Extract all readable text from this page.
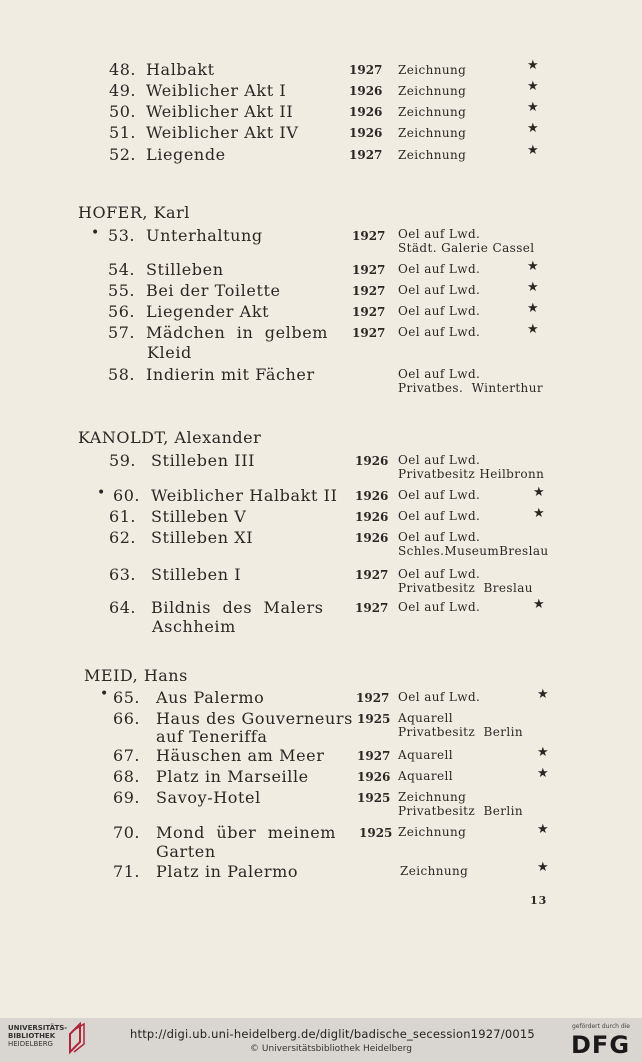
48. Halbakt	1927 Zeichnung	★
49. Weiblicher Akt I	1926 Zeichnung	★
50. Weiblicher Akt II	1926 Zeichnung	★
51. Weiblicher Akt IV	1926 Zeichnung	★
52. Liegende	1927 Zeichnung	★
HOFER, Karl
• 53. Unterhaltung	1927 Oel auf Lwd.
Städt. Galerie Cassel
54. Stilleben	1927 Oel auf Lwd.	★
55. Bei der Toilette	1927 Oel auf Lwd.	★
56. Liegender Akt	1927 Oel auf Lwd.	★
57. Mädchen  in  gelbem
Kleid
1927 Oel auf Lwd.	★
58. Indierin mit Fächer	Oel auf Lwd.
Privatbes.  Winterthur
KANOLDT, Alexander
59. Stilleben III	1926 Oel auf Lwd.
Privatbesitz Heilbronn
• 60. Weiblicher Halbakt II 1926 Oel auf Lwd.	★
61. Stilleben V	1926 Oel auf Lwd.	★
62. Stilleben XI	1926 Oel auf Lwd.
Schles.MuseumBreslau
63. Stilleben I	1927 Oel auf Lwd.
Privatbesitz  Breslau
64. Bildnis  des  Malers
Aschheim
1927 Oel auf Lwd.	★
MEID, Hans
• 65. Aus Palermo	1927 Oel auf Lwd.	★
66. Haus des Gouverneurs
auf Teneriffa
1925 Aquarell
Privatbesitz  Berlin
67. Häuschen am Meer	1927 Aquarell	★
68. Platz in Marseille	1926 Aquarell	★
69. Savoy-Hotel	1925 Zeichnung
Privatbesitz  Berlin
70. Mond  über  meinem
Garten
1925 Zeichnung	★
71. Platz in Palermo	Zeichnung	★
13
UNIVERSITÄTS-
BIBLIOTHEK
HEIDELBERG
http://digi.ub.uni-heidelberg.de/diglit/badische_secession1927/0015
© Universitätsbibliothek Heidelberg
gefördert durch die
DFG
